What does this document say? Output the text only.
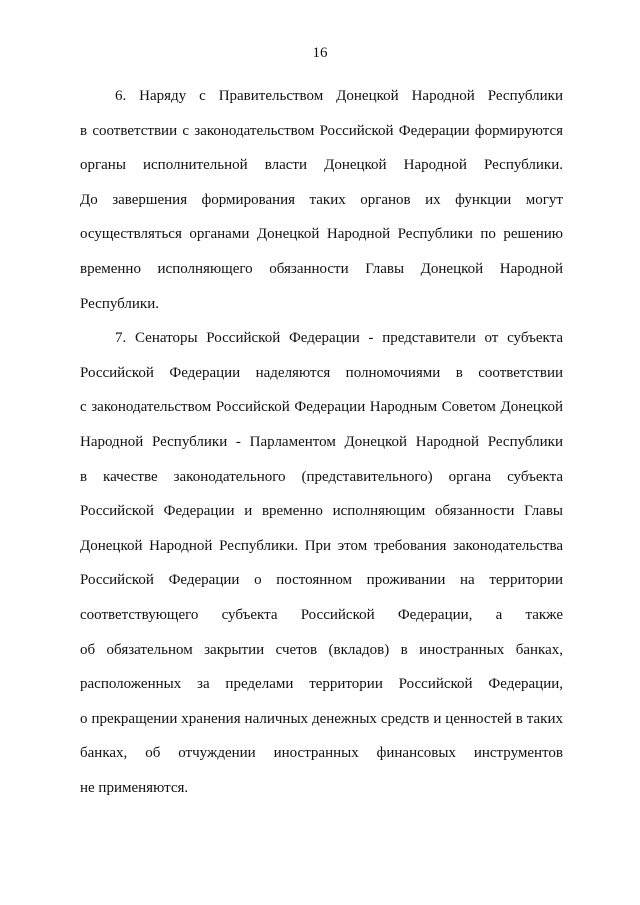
16
6. Наряду с Правительством Донецкой Народной Республики
в соответствии с законодательством Российской Федерации формируются
органы исполнительной власти Донецкой Народной Республики.
До завершения формирования таких органов их функции могут
осуществляться органами Донецкой Народной Республики по решению
временно исполняющего обязанности Главы Донецкой Народной
Республики.
7. Сенаторы Российской Федерации - представители от субъекта
Российской Федерации наделяются полномочиями в соответствии
с законодательством Российской Федерации Народным Советом Донецкой
Народной Республики - Парламентом Донецкой Народной Республики
в качестве законодательного (представительного) органа субъекта
Российской Федерации и временно исполняющим обязанности Главы
Донецкой Народной Республики. При этом требования законодательства
Российской Федерации о постоянном проживании на территории
соответствующего субъекта Российской Федерации, а также
об обязательном закрытии счетов (вкладов) в иностранных банках,
расположенных за пределами территории Российской Федерации,
о прекращении хранения наличных денежных средств и ценностей в таких
банках, об отчуждении иностранных финансовых инструментов
не применяются.
